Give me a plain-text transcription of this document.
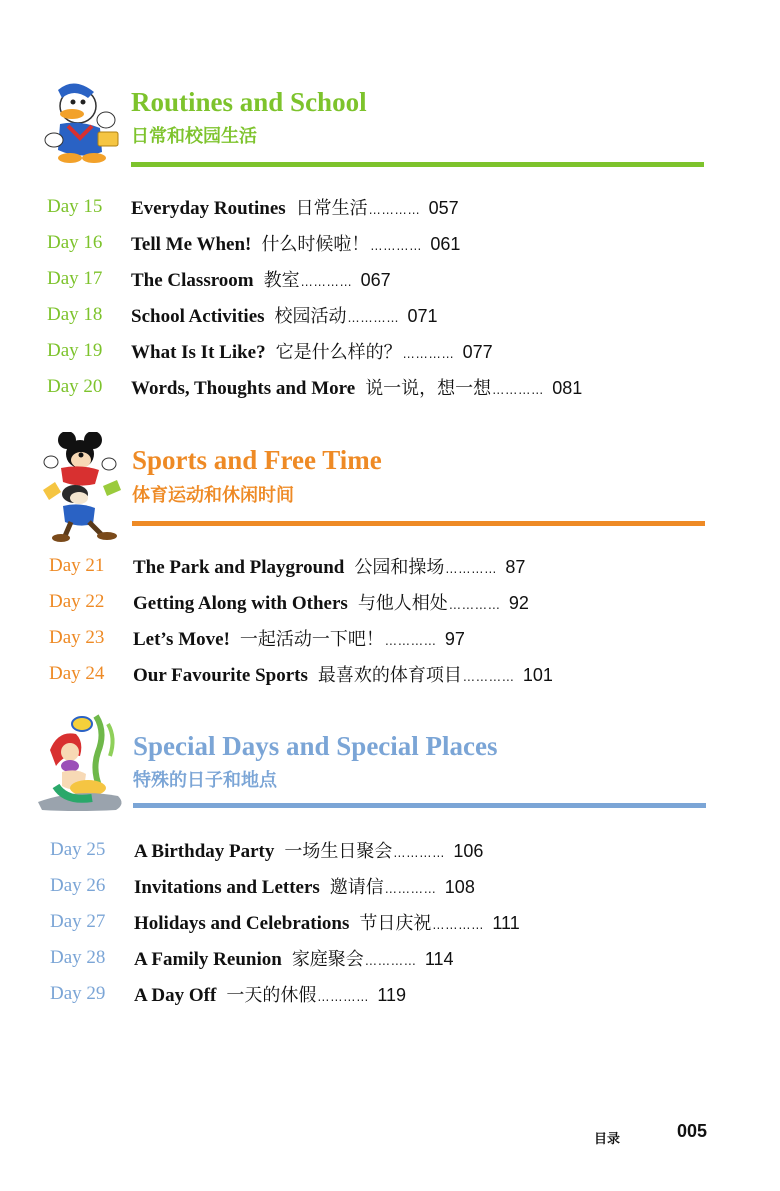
Routines and School
日常和校园生活
Day 15 Everyday Routines 日常生活 ………… 057
Day 16 Tell Me When! 什么时候啦！ ………… 061
Day 17 The Classroom 教室 ………… 067
Day 18 School Activities 校园活动 ………… 071
Day 19 What Is It Like? 它是什么样的？ ………… 077
Day 20 Words, Thoughts and More 说一说，想一想 ………… 081
Sports and Free Time
体育运动和休闲时间
Day 21 The Park and Playground 公园和操场 ………… 87
Day 22 Getting Along with Others 与他人相处 ………… 92
Day 23 Let’s Move! 一起活动一下吧！ ………… 97
Day 24 Our Favourite Sports 最喜欢的体育项目 ………… 101
Special Days and Special Places
特殊的日子和地点
Day 25 A Birthday Party 一场生日聚会 ………… 106
Day 26 Invitations and Letters 邀请信 ………… 108
Day 27 Holidays and Celebrations 节日庆祝 ………… 111
Day 28 A Family Reunion 家庭聚会 ………… 114
Day 29 A Day Off 一天的休假 ………… 119
目录	005
